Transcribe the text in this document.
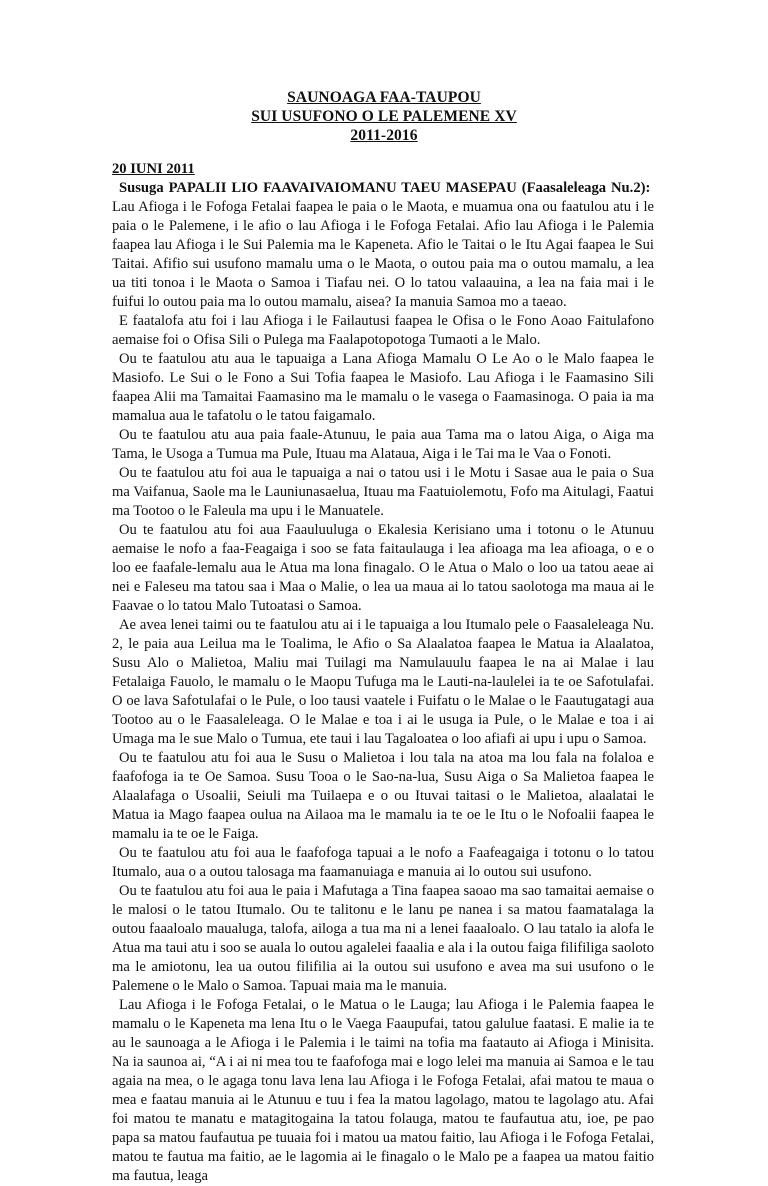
SAUNOAGA FAA-TAUPOU
SUI USUFONO O LE PALEMENE XV
2011-2016
20 IUNI 2011
Susuga PAPALII LIO FAAVAIVAIOMANU TAEU MASEPAU (Faasaleleaga Nu.2):  Lau Afioga i le Fofoga Fetalai faapea le paia o le Maota, e muamua ona ou faatulou atu i le paia o le Palemene, i le afio o lau Afioga i le Fofoga Fetalai. Afio lau Afioga i le Palemia faapea lau Afioga i le Sui Palemia ma le Kapeneta. Afio le Taitai o le Itu Agai faapea le Sui Taitai. Afifio sui usufono mamalu uma o le Maota, o outou paia ma o outou mamalu, a lea ua titi tonoa i le Maota o Samoa i Tiafau nei. O lo tatou valaauina, a lea na faia mai i le fuifui lo outou paia ma lo outou mamalu, aisea? Ia manuia Samoa mo a taeao.
E faatalofa atu foi i lau Afioga i le Failautusi faapea le Ofisa o le Fono Aoao Faitulafono aemaise foi o Ofisa Sili o Pulega ma Faalapotopotoga Tumaoti a le Malo.
Ou te faatulou atu aua le tapuaiga a Lana Afioga Mamalu O Le Ao o le Malo faapea le Masiofo. Le Sui o le Fono a Sui Tofia faapea le Masiofo. Lau Afioga i le Faamasino Sili faapea Alii ma Tamaitai Faamasino ma le mamalu o le vasega o Faamasinoga. O paia ia ma mamalua aua le tafatolu o le tatou faigamalo.
Ou te faatulou atu aua paia faale-Atunuu, le paia aua Tama ma o latou Aiga, o Aiga ma Tama, le Usoga a Tumua ma Pule, Ituau ma Alataua, Aiga i le Tai ma le Vaa o Fonoti.
Ou te faatulou atu foi aua le tapuaiga a nai o tatou usi i le Motu i Sasae aua le paia o Sua ma Vaifanua, Saole ma le Launiunasaelua, Ituau ma Faatuiolemotu, Fofo ma Aitulagi, Faatui ma Tootoo o le Faleula ma upu i le Manuatele.
Ou te faatulou atu foi aua Faauluuluga o Ekalesia Kerisiano uma i totonu o le Atunuu aemaise le nofo a faa-Feagaiga i soo se fata faitaulauga i lea afioaga ma lea afioaga, o e o loo ee faafale-lemalu aua le Atua ma lona finagalo. O le Atua o Malo o loo ua tatou aeae ai nei e Faleseu ma tatou saa i Maa o Malie, o lea ua maua ai lo tatou saolotoga ma maua ai le Faavae o lo tatou Malo Tutoatasi o Samoa.
Ae avea lenei taimi ou te faatulou atu ai i le tapuaiga a lou Itumalo pele o Faasaleleaga Nu. 2, le paia aua Leilua ma le Toalima, le Afio o Sa Alaalatoa faapea le Matua ia Alaalatoa, Susu Alo o Malietoa, Maliu mai Tuilagi ma Namulauulu faapea le na ai Malae i lau Fetalaiga Fauolo, le mamalu o le Maopu Tufuga ma le Lauti-na-laulelei ia te oe Safotulafai. O oe lava Safotulafai o le Pule, o loo tausi vaatele i Fuifatu o le Malae o le Faautugatagi aua Tootoo au o le Faasaleleaga. O le Malae e toa i ai le usuga ia Pule, o le Malae e toa i ai Umaga ma le sue Malo o Tumua, ete taui i lau Tagaloatea o loo afiafi ai upu i upu o Samoa.
Ou te faatulou atu foi aua le Susu o Malietoa i lou tala na atoa ma lou fala na folaloa e faafofoga ia te Oe Samoa. Susu Tooa o le Sao-na-lua, Susu Aiga o Sa Malietoa faapea le Alaalafaga o Usoalii, Seiuli ma Tuilaepa e o ou Ituvai taitasi o le Malietoa, alaalatai le Matua ia Mago faapea oulua na Ailaoa ma le mamalu ia te oe le Itu o le Nofoalii faapea le mamalu ia te oe le Faiga.
Ou te faatulou atu foi aua le faafofoga tapuai a le nofo a Faafeagaiga i totonu o lo tatou Itumalo, aua o a outou talosaga ma faamanuiaga e manuia ai lo outou sui usufono.
Ou te faatulou atu foi aua le paia i Mafutaga a Tina faapea saoao ma sao tamaitai aemaise o le malosi o le tatou Itumalo. Ou te talitonu e le lanu pe nanea i sa matou faamatalaga la outou faaaloalo maualuga, talofa, ailoga a tua ma ni a lenei faaaloalo. O lau tatalo ia alofa le Atua ma taui atu i soo se auala lo outou agalelei faaalia e ala i la outou faiga filifiliga saoloto ma le amiotonu, lea ua outou filifilia ai la outou sui usufono e avea ma sui usufono o le Palemene o le Malo o Samoa. Tapuai maia ma le manuia.
Lau Afioga i le Fofoga Fetalai, o le Matua o le Lauga; lau Afioga i le Palemia faapea le mamalu o le Kapeneta ma lena Itu o le Vaega Faaupufai, tatou galulue faatasi. E malie ia te au le saunoaga a le Afioga i le Palemia i le taimi na tofia ma faatauto ai Afioga i Minisita. Na ia saunoa ai, “A i ai ni mea tou te faafofoga mai e logo lelei ma manuia ai Samoa e le tau agaia na mea, o le agaga tonu lava lena lau Afioga i le Fofoga Fetalai, afai matou te maua o mea e faatau manuia ai le Atunuu e tuu i fea la matou lagolago, matou te lagolago atu. Afai foi matou te manatu e matagitogaina la tatou folauga, matou te faufautua atu, ioe, pe pao papa sa matou faufautua pe tuuaia foi i matou ua matou faitio, lau Afioga i le Fofoga Fetalai, matou te fautua ma faitio, ae le lagomia ai le finagalo o le Malo pe a faapea ua matou faitio ma fautua, leaga
